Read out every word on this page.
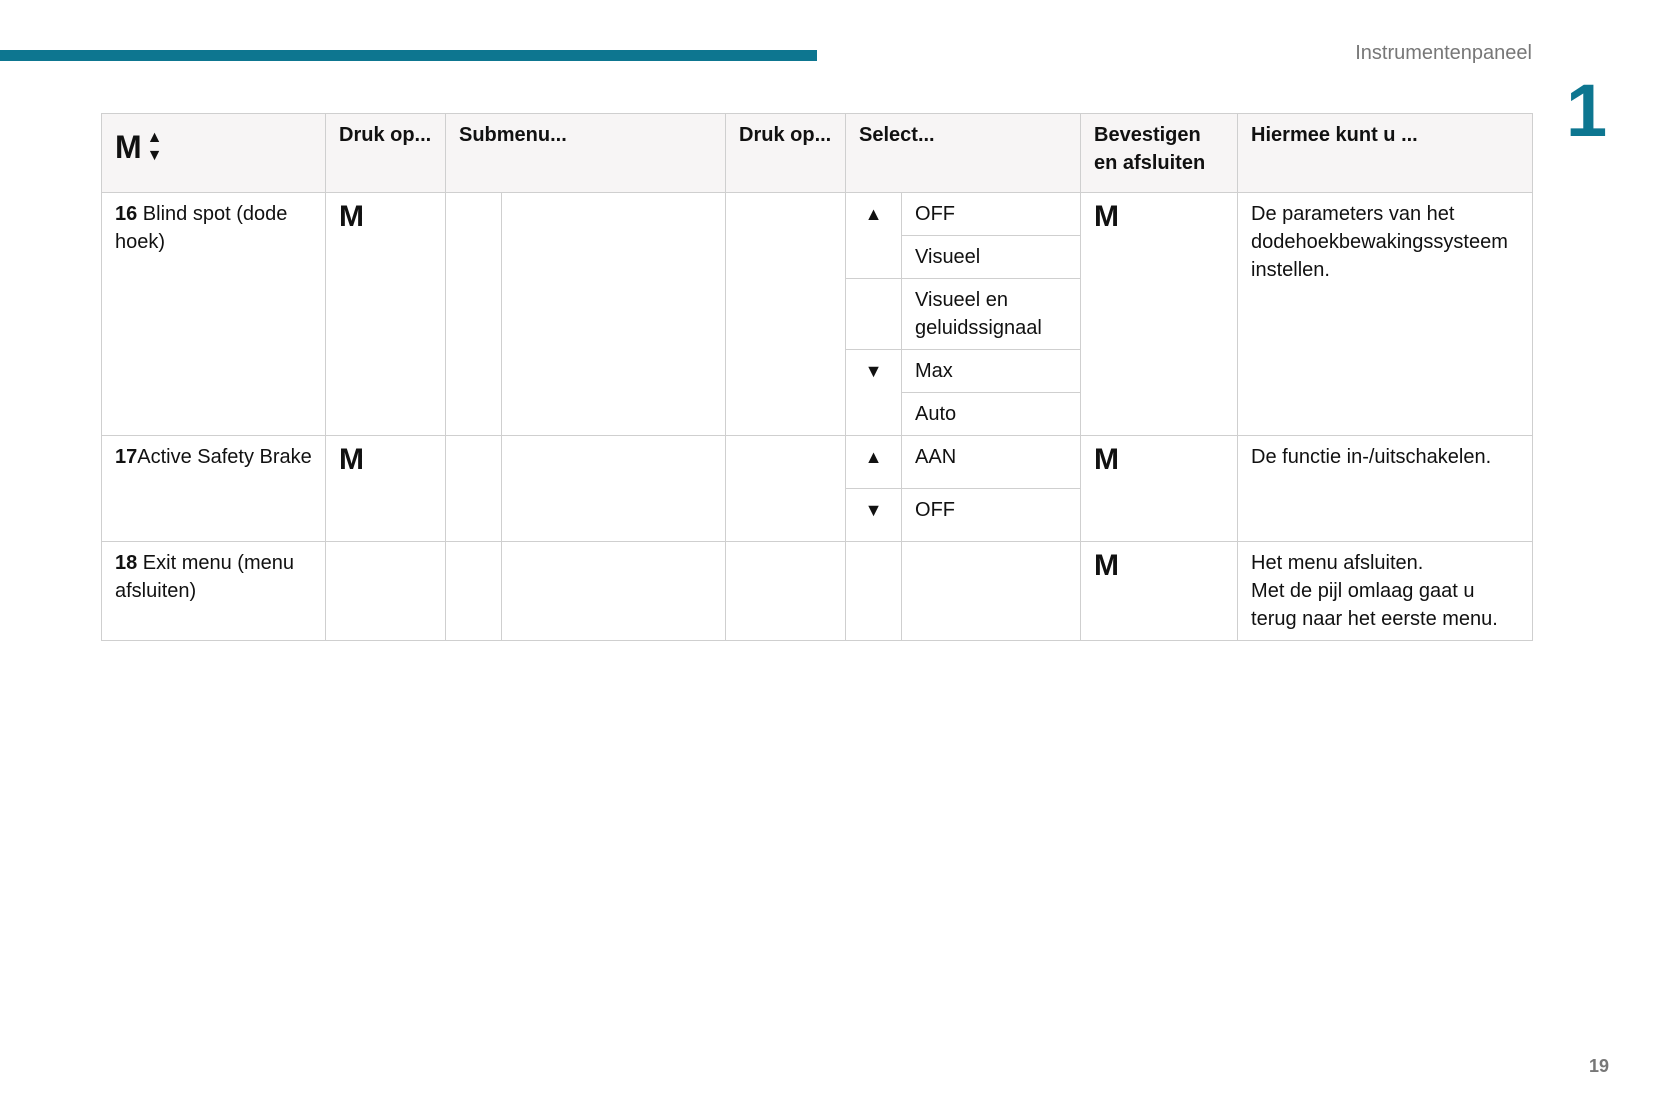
Instrumentenpaneel
1
M ▲
▼	Druk op...	Submenu...		Druk op...	Select...		Bevestigen en afsluiten	Hiermee kunt u ...
16 Blind spot (dode hoek)	M				▲	OFF	M	De parameters van het dodehoekbewakingssysteem instellen.
						Visueel		
						Visueel en geluidssignaal		
					▼	Max		
						Auto		
17Active Safety Brake	M				▲	AAN	M	De functie in-/uitschakelen.
					▼	OFF		
18 Exit menu (menu afsluiten)							M	Het menu afsluiten.
Met de pijl omlaag gaat u terug naar het eerste menu.
19
